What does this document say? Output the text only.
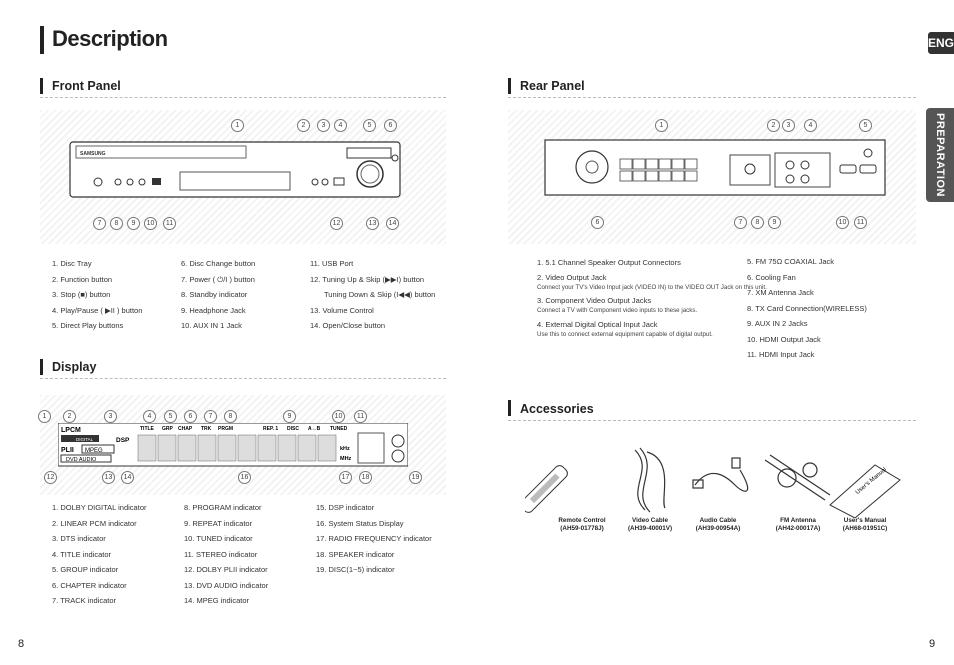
Description	ENG
PREPARATION
Front Panel
SAMSUNG
1	2	3	4	5	6
7	8	9	10	11	12	13	14
1. Disc Tray
2. Function button
3. Stop (■) button
4. Play/Pause ( ▶II ) button
5. Direct Play buttons
6. Disc Change button
7. Power ( ⏻/I ) button
8. Standby indicator
9. Headphone Jack
10. AUX IN 1 Jack
11. USB Port
12. Tuning Up & Skip (▶▶I) button
Tuning Down & Skip (I◀◀) button
13. Volume Control
14. Open/Close button
Display
LPCM
DIGITAL	DSP
PLII MPEG
DVD AUDIO
TITLE GRP CHAP TRK PRGM	REP. 1 DISC A↔B TUNED
kHz
MHz
1	2	3	4	5	6	7	8	9	10	11
12	13	14	16	17	18	19
1. DOLBY DIGITAL indicator
2. LINEAR PCM indicator
3. DTS indicator
4. TITLE indicator
5. GROUP indicator
6. CHAPTER indicator
7. TRACK indicator
8. PROGRAM indicator
9. REPEAT indicator
10. TUNED indicator
11. STEREO indicator
12. DOLBY PLII indicator
13. DVD AUDIO indicator
14. MPEG indicator
15. DSP indicator
16. System Status Display
17. RADIO FREQUENCY indicator
18. SPEAKER indicator
19. DISC(1~5) indicator
Rear Panel
1	2	3	4	5
6	7	8	9	10	11
1. 5.1 Channel Speaker Output Connectors
2. Video Output Jack
Connect your TV's Video Input jack (VIDEO IN) to the VIDEO OUT Jack on this unit.
3. Component Video Output Jacks
Connect a TV with Component video inputs to these jacks.
4. External Digital Optical Input Jack
Use this to connect external equipment capable of digital output.
5. FM 75Ω COAXIAL Jack
6. Cooling Fan
7. XM Antenna Jack
8. TX Card Connection(WIRELESS)
9. AUX IN 2 Jacks
10. HDMI Output Jack
11. HDMI Input Jack
Accessories
User's Manual
Remote Control
(AH59-01778J)
Video Cable
(AH39-40001V)
Audio Cable
(AH39-00954A)
FM Antenna
(AH42-00017A)
User's Manual
(AH68-01951C)
8	9
